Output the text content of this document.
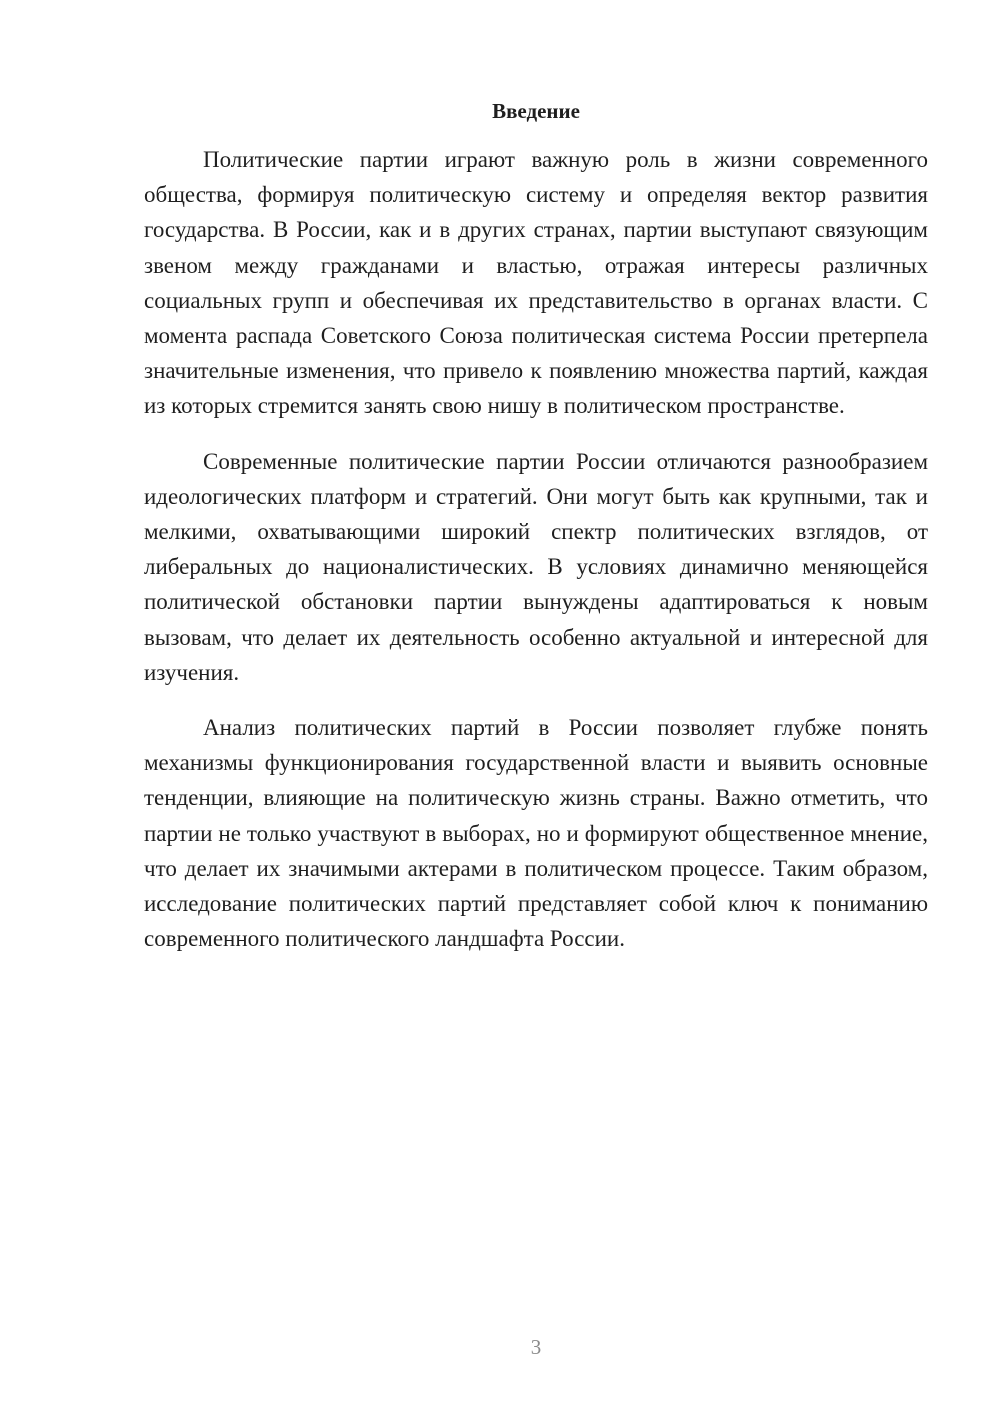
Введение

Политические партии играют важную роль в жизни современного общества, формируя политическую систему и определяя вектор развития государства. В России, как и в других странах, партии выступают связующим звеном между гражданами и властью, отражая интересы различных социальных групп и обеспечивая их представительство в органах власти. С момента распада Советского Союза политическая система России претерпела значительные изменения, что привело к появлению множества партий, каждая из которых стремится занять свою нишу в политическом пространстве.

Современные политические партии России отличаются разнообразием идеологических платформ и стратегий. Они могут быть как крупными, так и мелкими, охватывающими широкий спектр политических взглядов, от либеральных до националистических. В условиях динамично меняющейся политической обстановки партии вынуждены адаптироваться к новым вызовам, что делает их деятельность особенно актуальной и интересной для изучения.

Анализ политических партий в России позволяет глубже понять механизмы функционирования государственной власти и выявить основные тенденции, влияющие на политическую жизнь страны. Важно отметить, что партии не только участвуют в выборах, но и формируют общественное мнение, что делает их значимыми актерами в политическом процессе. Таким образом, исследование политических партий представляет собой ключ к пониманию современного политического ландшафта России.

3
